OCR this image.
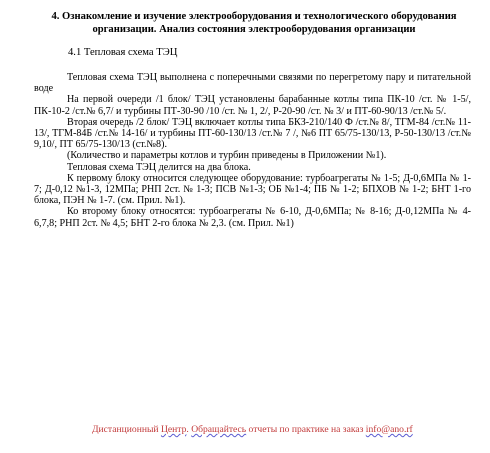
4. Ознакомление и изучение электрооборудования и технологического оборудования
организации. Анализ состояния электрооборудования организации
4.1 Тепловая схема ТЭЦ

Тепловая схема ТЭЦ выполнена с поперечными связями по перегретому пару и питательной воде

На первой очереди /1 блок/ ТЭЦ установлены барабанные котлы типа ПК-10 /ст. № 1-5/, ПК-10-2 /ст.№ 6,7/ и турбины ПТ-30-90 /10 /ст. № 1, 2/, Р-20-90 /ст. № 3/ и ПТ-60-90/13 /ст.№ 5/.

Вторая очередь /2 блок/ ТЭЦ включает котлы типа БКЗ-210/140 Ф /ст.№ 8/, ТГМ-84 /ст.№ 11-13/, ТГМ-84Б /ст.№ 14-16/ и турбины ПТ-60-130/13 /ст.№ 7 /, №6 ПТ 65/75-130/13, Р-50-130/13 /ст.№ 9,10/, ПТ 65/75-130/13 (ст.№8).

(Количество и параметры котлов и турбин приведены в Приложении №1).

Тепловая схема ТЭЦ делится на два блока.

К первому блоку относится следующее оборудование: турбоагрегаты № 1-5; Д-0,6МПа № 1-7; Д-0,12 №1-3, 12МПа; РНП 2ст. № 1-3; ПСВ №1-3; ОБ №1-4; ПБ № 1-2; БПХОВ № 1-2; БНТ 1-го блока, ПЭН № 1-7. (см. Прил. №1).

Ко второму блоку относятся: турбоагрегаты № 6-10, Д-0,6МПа; № 8-16; Д-0,12МПа № 4-6,7,8; РНП 2ст. № 4,5; БНТ 2-го блока № 2,3. (см. Прил. №1)

Дистанционный Центр. Обращайтесь отчеты по практике на заказ info@ano.rf
